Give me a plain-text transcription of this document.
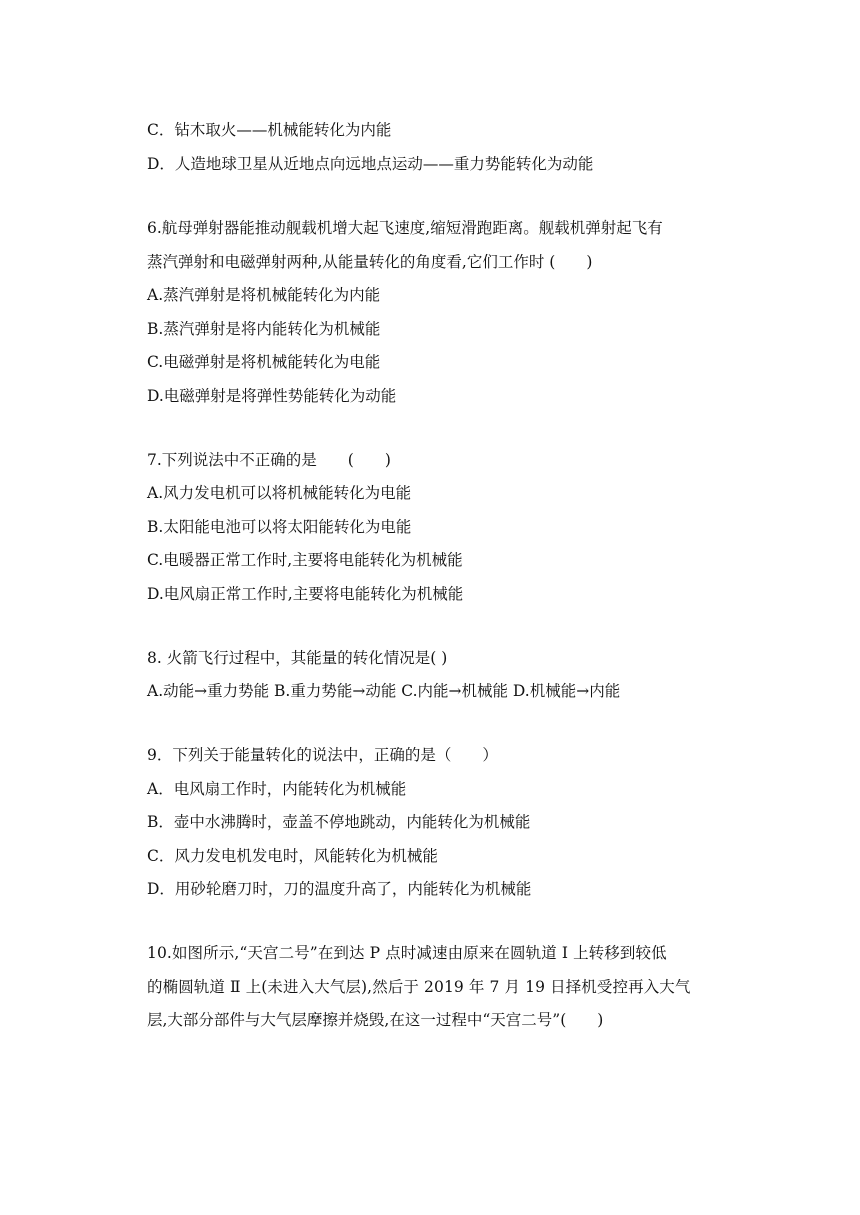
C．钻木取火——机械能转化为内能
D．人造地球卫星从近地点向远地点运动——重力势能转化为动能
6.航母弹射器能推动舰载机增大起飞速度,缩短滑跑距离。舰载机弹射起飞有
蒸汽弹射和电磁弹射两种,从能量转化的角度看,它们工作时 (　　)
A.蒸汽弹射是将机械能转化为内能
B.蒸汽弹射是将内能转化为机械能
C.电磁弹射是将机械能转化为电能
D.电磁弹射是将弹性势能转化为动能
7.下列说法中不正确的是　　(　　)
A.风力发电机可以将机械能转化为电能
B.太阳能电池可以将太阳能转化为电能
C.电暖器正常工作时,主要将电能转化为机械能
D.电风扇正常工作时,主要将电能转化为机械能
8. 火箭飞行过程中，其能量的转化情况是( )
A.动能→重力势能 B.重力势能→动能 C.内能→机械能 D.机械能→内能
9．下列关于能量转化的说法中，正确的是（　　）
A．电风扇工作时，内能转化为机械能
B．壶中水沸腾时，壶盖不停地跳动，内能转化为机械能
C．风力发电机发电时，风能转化为机械能
D．用砂轮磨刀时，刀的温度升高了，内能转化为机械能
10.如图所示,“天宫二号”在到达 P 点时减速由原来在圆轨道 Ⅰ 上转移到较低
的椭圆轨道 Ⅱ 上(未进入大气层),然后于 2019 年 7 月 19 日择机受控再入大气
层,大部分部件与大气层摩擦并烧毁,在这一过程中“天宫二号”(　　)
